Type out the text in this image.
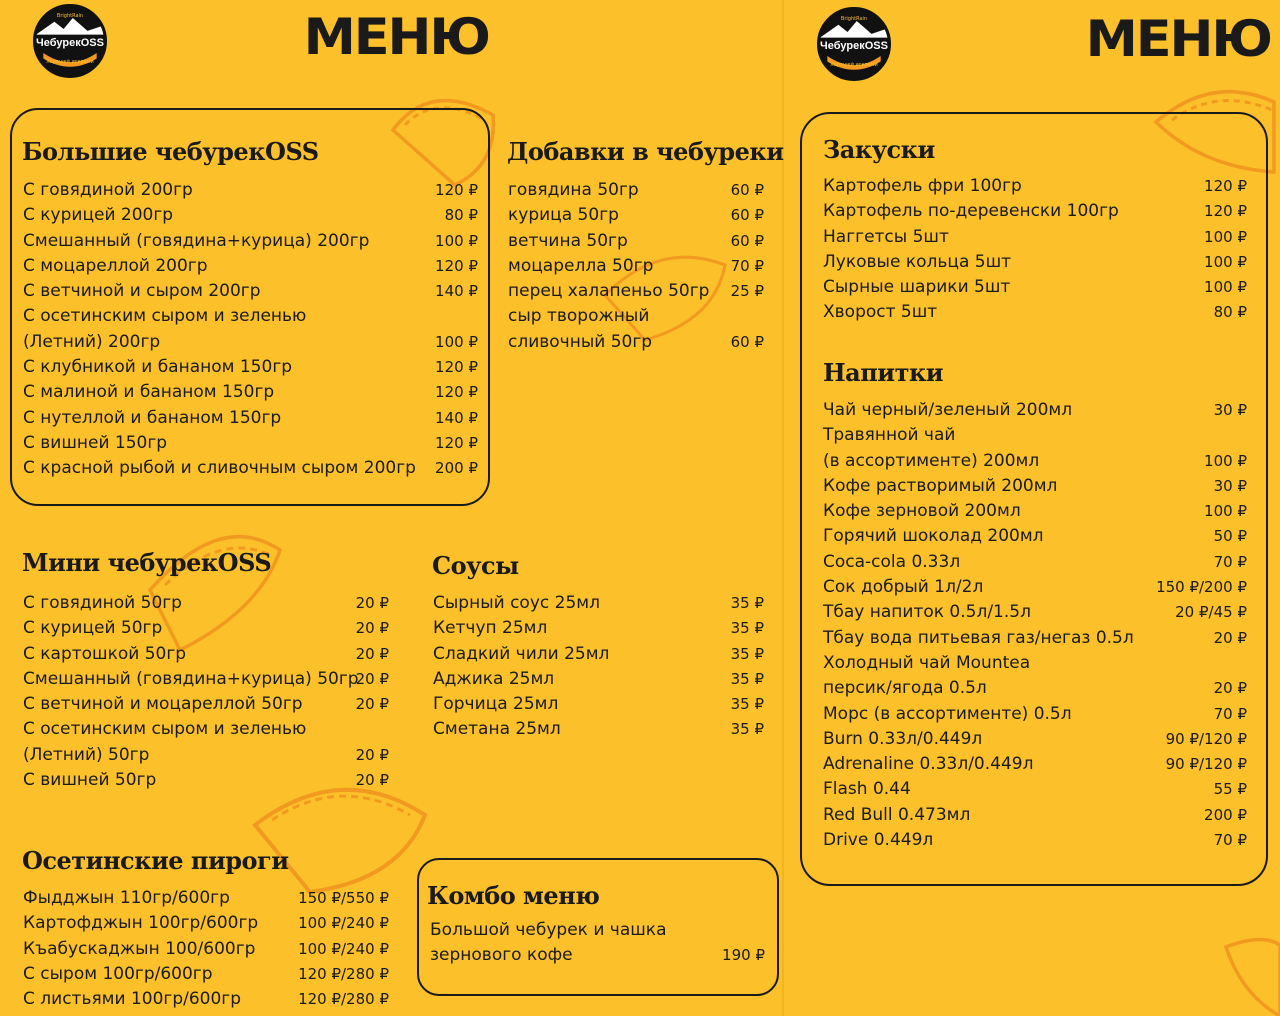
BrightRain
ЧебурекOSS
Хорошей искрами	МЕНЮ	BrightRain
ЧебурекOSS
Хорошей искрами	МЕНЮ
Большие чебурекOSS	Добавки в чебуреки
Мини чебурекOSS	Соусы
Осетинские пироги
Комбо меню
Закуски
Напитки
С говядиной 200гр	120 ₽
С курицей 200гр	80 ₽
Смешанный (говядина+курица) 200гр	100 ₽
С моцареллой 200гр	120 ₽
С ветчиной и сыром 200гр	140 ₽
С осетинским сыром и зеленью
(Летний) 200гр	100 ₽
С клубникой и бананом 150гр	120 ₽
С малиной и бананом 150гр	120 ₽
С нутеллой и бананом 150гр	140 ₽
С вишней 150гр	120 ₽
С красной рыбой и сливочным сыром 200гр 200 ₽
говядина 50гр	60 ₽
курица 50гр	60 ₽
ветчина 50гр	60 ₽
моцарелла 50гр	70 ₽
перец халапеньо 50гр 25 ₽
сыр творожный
сливочный 50гр	60 ₽
С говядиной 50гр	20 ₽
С курицей 50гр	20 ₽
С картошкой 50гр	20 ₽
Смешанный (говядина+курица) 50гр
20 ₽
С ветчиной и моцареллой 50гр	20 ₽
С осетинским сыром и зеленью
(Летний) 50гр	20 ₽
С вишней 50гр	20 ₽
Сырный соус 25мл	35 ₽
Кетчуп 25мл	35 ₽
Сладкий чили 25мл	35 ₽
Аджика 25мл	35 ₽
Горчица 25мл	35 ₽
Сметана 25мл	35 ₽
Фыдджын 110гр/600гр	150 ₽/550 ₽
Картофджын 100гр/600гр	100 ₽/240 ₽
Къабускаджын 100/600гр	100 ₽/240 ₽
С сыром 100гр/600гр	120 ₽/280 ₽
С листьями 100гр/600гр	120 ₽/280 ₽
Большой чебурек и чашка
зернового кофе	190 ₽
Картофель фри 100гр	120 ₽
Картофель по-деревенски 100гр	120 ₽
Наггетсы 5шт	100 ₽
Луковые кольца 5шт	100 ₽
Сырные шарики 5шт	100 ₽
Хворост 5шт	80 ₽
Чай черный/зеленый 200мл	30 ₽
Травянной чай
(в ассортименте) 200мл	100 ₽
Кофе растворимый 200мл	30 ₽
Кофе зерновой 200мл	100 ₽
Горячий шоколад 200мл	50 ₽
Coca-cola 0.33л	70 ₽
Сок добрый 1л/2л	150 ₽/200 ₽
Tбау напиток 0.5л/1.5л	20 ₽/45 ₽
Tбау вода питьевая газ/негаз 0.5л	20 ₽
Холодный чай Mountea
персик/ягода 0.5л	20 ₽
Морс (в ассортименте) 0.5л	70 ₽
Burn 0.33л/0.449л	90 ₽/120 ₽
Adrenaline 0.33л/0.449л	90 ₽/120 ₽
Flash 0.44	55 ₽
Red Bull 0.473мл	200 ₽
Drive 0.449л	70 ₽
